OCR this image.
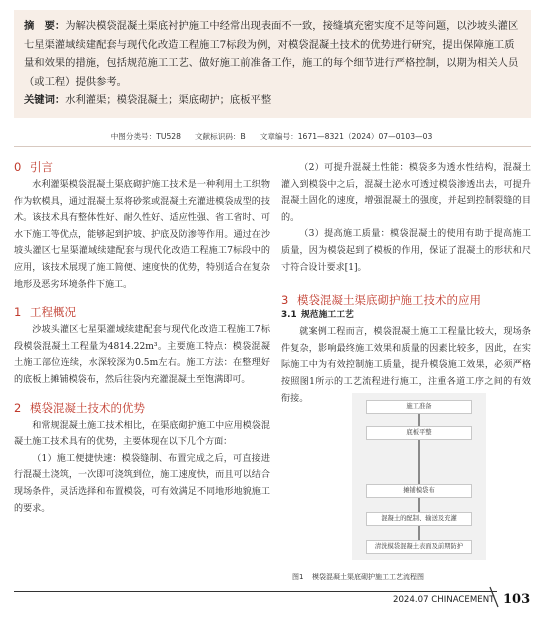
摘　要：为解决模袋混凝土渠底衬护施工中经常出现表面不一致，接缝填充密实度不足等问题，以沙坡头灌区七星渠灌域续建配套与现代化改造工程施工7标段为例，对模袋混凝土技术的优势进行研究，提出保障施工质量和效果的措施，包括规范施工工艺、做好施工前准备工作，施工的每个细节进行严格控制，以期为相关人员（或工程）提供参考。

关键词：水利灌渠；模袋混凝土；渠底砌护；底板平整

中图分类号：TU528 文献标识码：B 文章编号：1671—8321（2024）07—0103—03
0 引言

水利灌渠模袋混凝土渠底砌护施工技术是一种利用土工织物作为软模具，通过混凝土泵将砂浆或混凝土充灌进模袋成型的技术。该技术具有整体性好、耐久性好、适应性强、省工省时、可水下施工等优点，能够起到护坡、护底及防渗等作用。通过在沙坡头灌区七星渠灌域续建配套与现代化改造工程施工7标段中的应用，该技术展现了施工简便、速度快的优势，特别适合在复杂地形及恶劣环境条件下施工。

1 工程概况

沙坡头灌区七星渠灌域续建配套与现代化改造工程施工7标段模袋混凝土工程量为4814.22m³。主要施工特点：模袋混凝土施工部位连续，水深较深为0.5m左右。施工方法：在整理好的底板上摊铺模袋布，然后往袋内充灌混凝土至饱满即可。

2 模袋混凝土技术的优势

和常规混凝土施工技术相比，在渠底砌护施工中应用模袋混凝土施工技术具有的优势，主要体现在以下几个方面：

（1）施工便捷快速：模袋缝制、布置完成之后，可直接进行混凝土浇筑，一次即可浇筑到位，施工速度快，而且可以结合现场条件，灵活选择和布置模袋，可有效满足不同地形地貌施工的要求。

（2）可提升混凝土性能：模袋多为透水性结构，混凝土灌入到模袋中之后，混凝土泌水可透过模袋渗透出去，可提升混凝土固化的速度，增强混凝土的强度，并起到控制裂缝的目的。

（3）提高施工质量：模袋混凝土的使用有助于提高施工质量，因为模袋起到了模板的作用，保证了混凝土的形状和尺寸符合设计要求[1]。

3 模袋混凝土渠底砌护施工技术的应用
3.1 规范施工工艺

就案例工程而言，模袋混凝土施工工程量比较大，现场条件复杂，影响最终施工效果和质量的因素比较多，因此，在实际施工中为有效控制施工质量，提升模袋施工效果，必须严格按照图1所示的工艺流程进行施工，注重各道工序之间的有效衔接。

施工准备
底板平整
摊铺模袋布
混凝土的配制、输送及充灌
清洗模袋混凝土表面及前期防护
图1 模袋混凝土渠底砌护施工工艺流程图
2024.07 CHINACEMENT 103
